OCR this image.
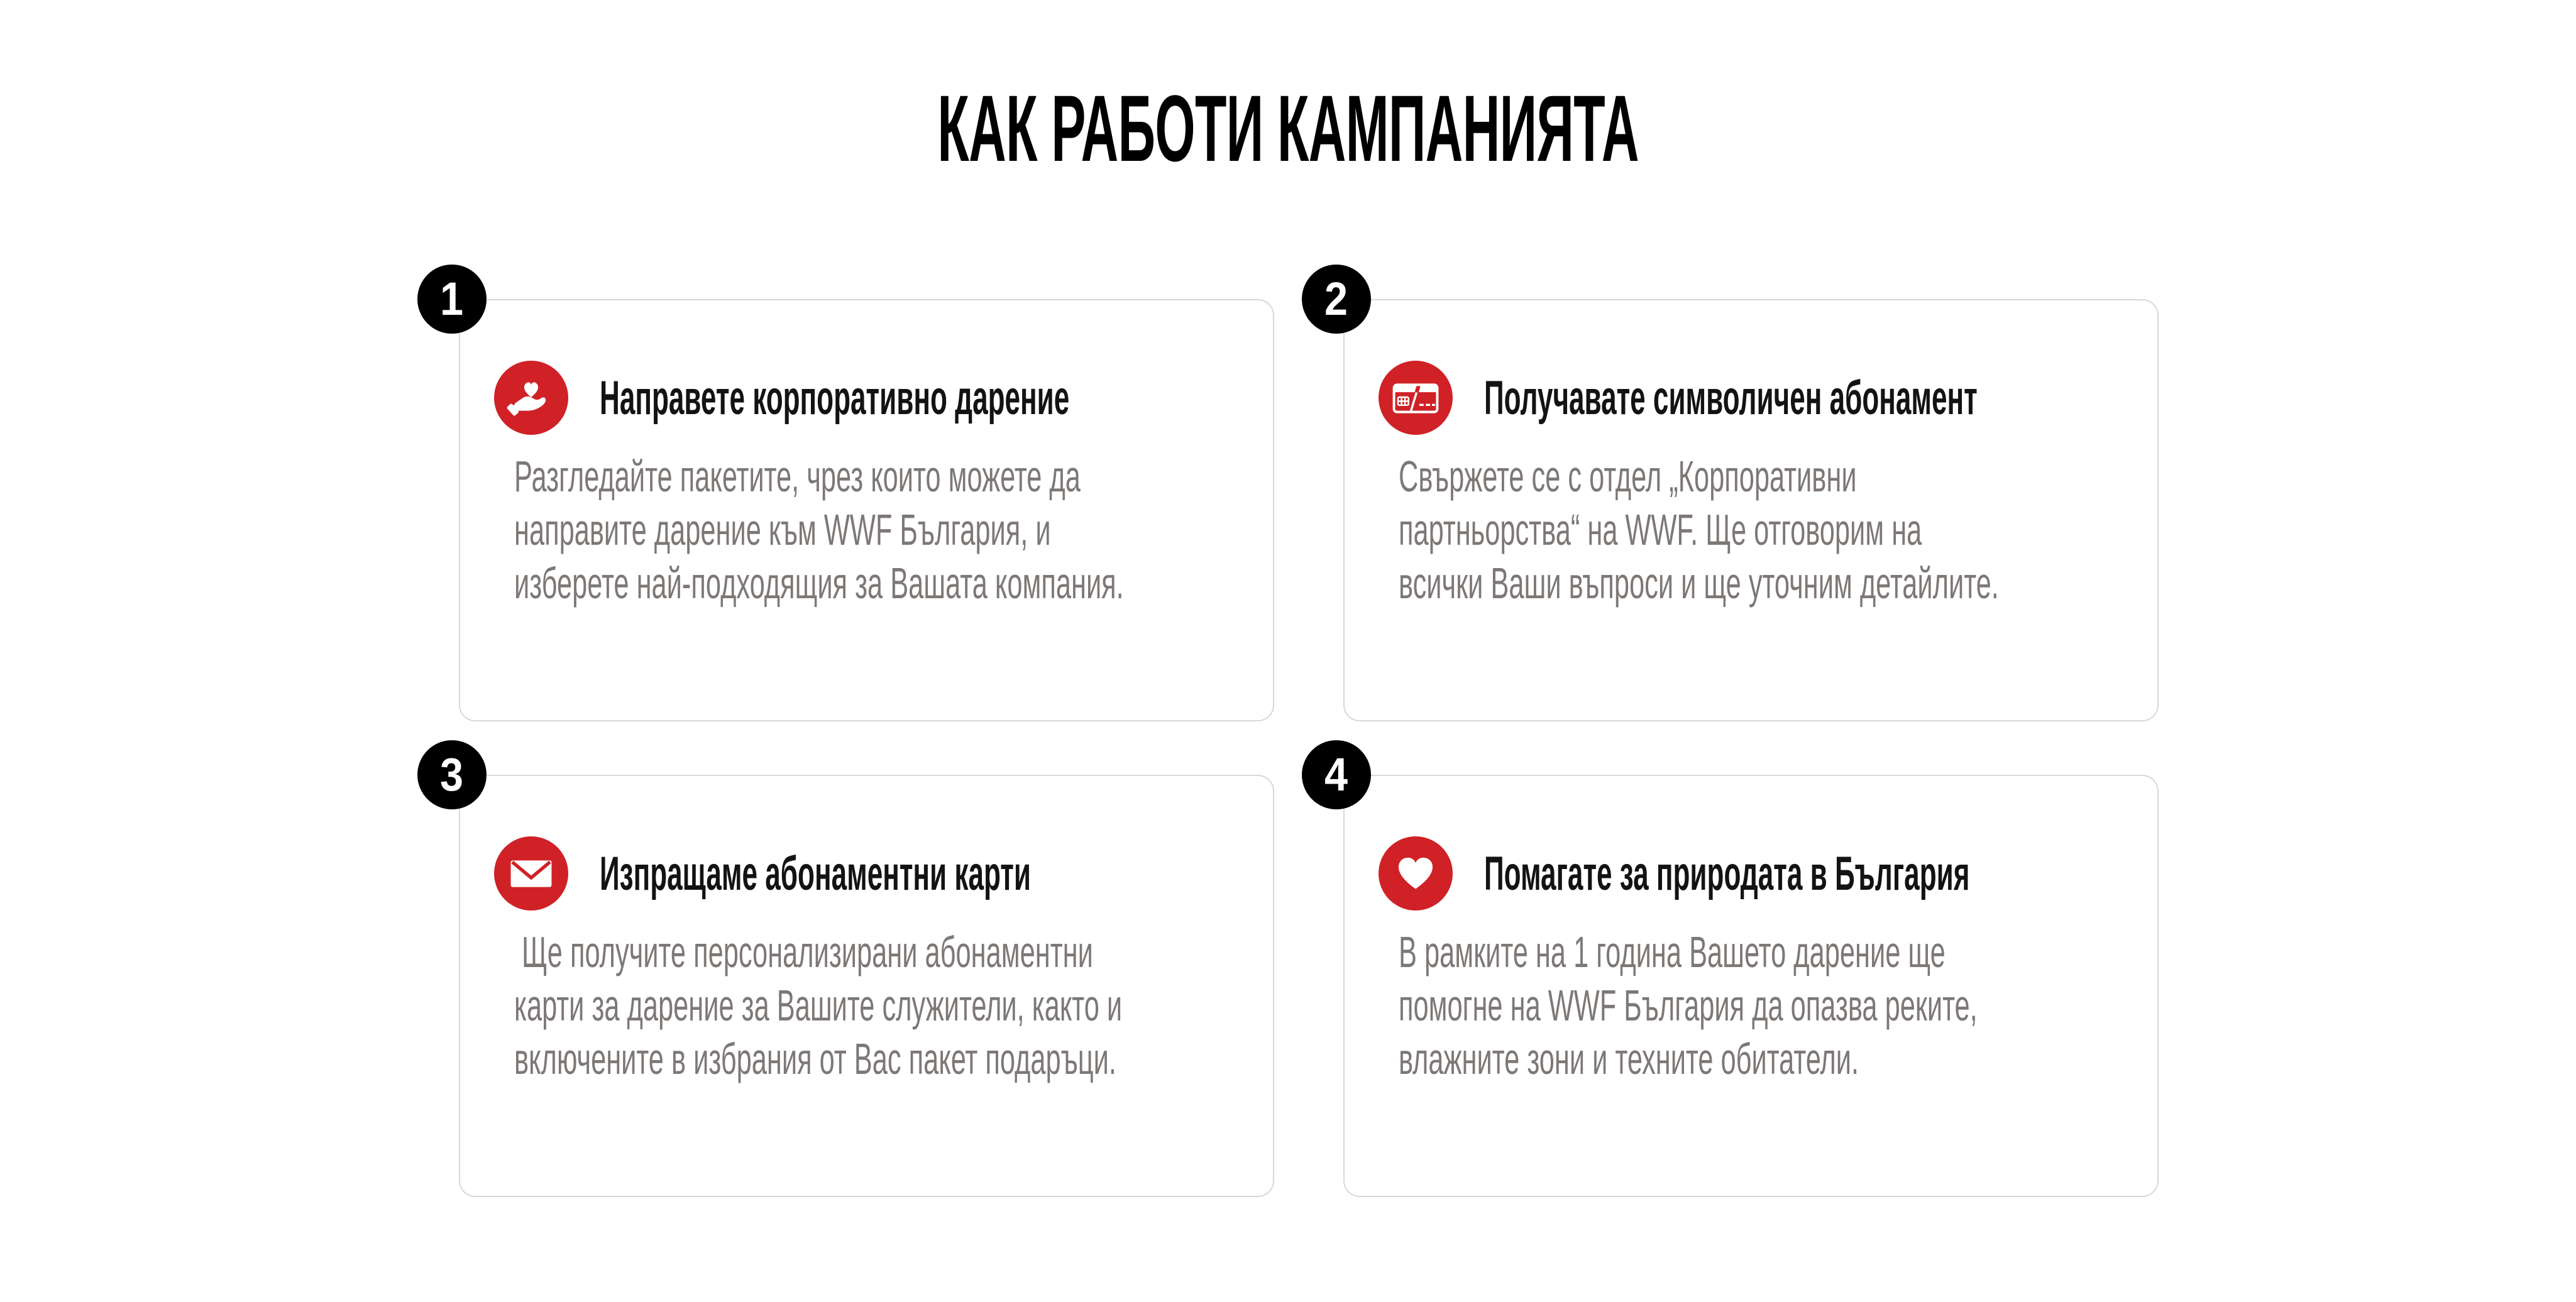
КАК РАБОТИ КАМПАНИЯТА
1
Направете корпоративно дарение
Разгледайте пакетите, чрез които можете да
направите дарение към WWF България, и
изберете най-подходящия за Вашата компания.
2
Получавате символичен абонамент
Свържете се с отдел „Корпоративни
партньорства“ на WWF. Ще отговорим на
всички Ваши въпроси и ще уточним детайлите.
3
Изпращаме абонаментни карти
Ще получите персонализирани абонаментни
карти за дарение за Вашите служители, както и
включените в избрания от Вас пакет подаръци.
4
Помагате за природата в България
В рамките на 1 година Вашето дарение ще
помогне на WWF България да опазва реките,
влажните зони и техните обитатели.
